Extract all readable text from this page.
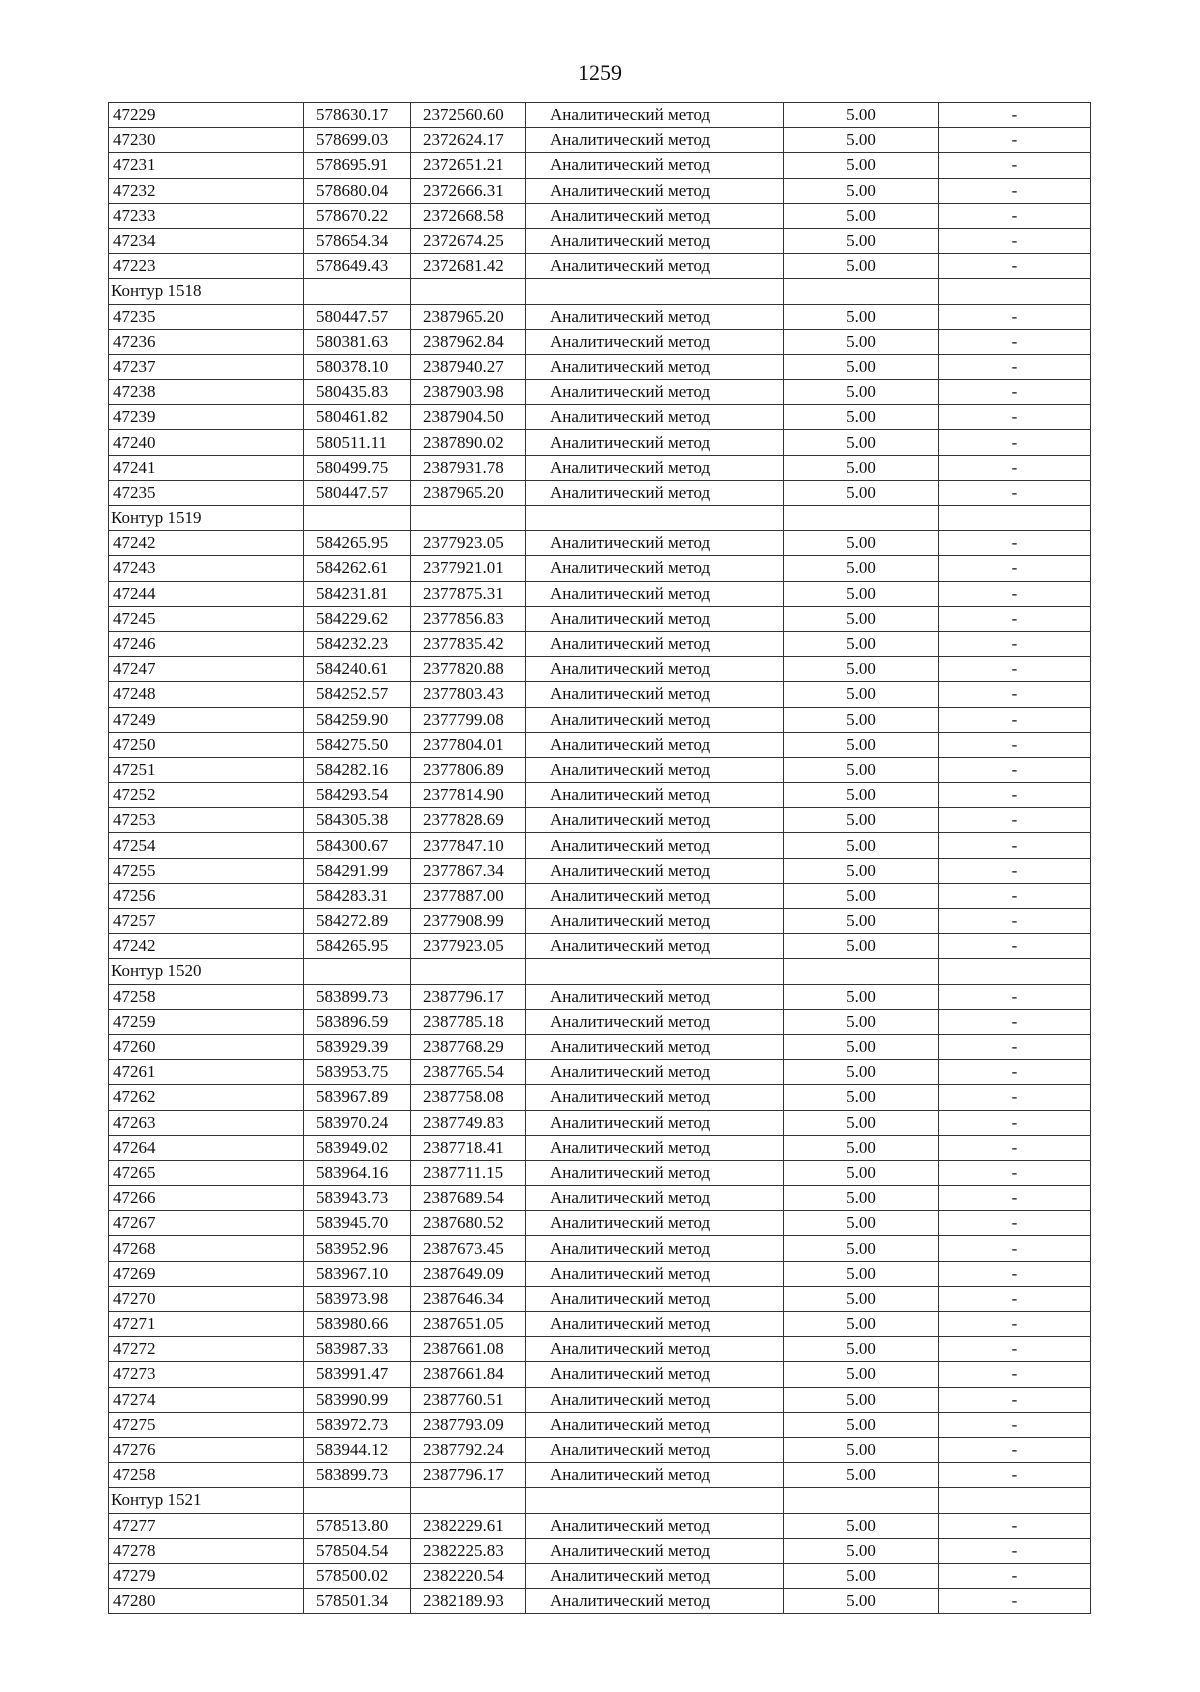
1259
47229	578630.17	2372560.60	Аналитический метод	5.00	-
47230	578699.03	2372624.17	Аналитический метод	5.00	-
47231	578695.91	2372651.21	Аналитический метод	5.00	-
47232	578680.04	2372666.31	Аналитический метод	5.00	-
47233	578670.22	2372668.58	Аналитический метод	5.00	-
47234	578654.34	2372674.25	Аналитический метод	5.00	-
47223	578649.43	2372681.42	Аналитический метод	5.00	-
Контур 1518					
47235	580447.57	2387965.20	Аналитический метод	5.00	-
47236	580381.63	2387962.84	Аналитический метод	5.00	-
47237	580378.10	2387940.27	Аналитический метод	5.00	-
47238	580435.83	2387903.98	Аналитический метод	5.00	-
47239	580461.82	2387904.50	Аналитический метод	5.00	-
47240	580511.11	2387890.02	Аналитический метод	5.00	-
47241	580499.75	2387931.78	Аналитический метод	5.00	-
47235	580447.57	2387965.20	Аналитический метод	5.00	-
Контур 1519					
47242	584265.95	2377923.05	Аналитический метод	5.00	-
47243	584262.61	2377921.01	Аналитический метод	5.00	-
47244	584231.81	2377875.31	Аналитический метод	5.00	-
47245	584229.62	2377856.83	Аналитический метод	5.00	-
47246	584232.23	2377835.42	Аналитический метод	5.00	-
47247	584240.61	2377820.88	Аналитический метод	5.00	-
47248	584252.57	2377803.43	Аналитический метод	5.00	-
47249	584259.90	2377799.08	Аналитический метод	5.00	-
47250	584275.50	2377804.01	Аналитический метод	5.00	-
47251	584282.16	2377806.89	Аналитический метод	5.00	-
47252	584293.54	2377814.90	Аналитический метод	5.00	-
47253	584305.38	2377828.69	Аналитический метод	5.00	-
47254	584300.67	2377847.10	Аналитический метод	5.00	-
47255	584291.99	2377867.34	Аналитический метод	5.00	-
47256	584283.31	2377887.00	Аналитический метод	5.00	-
47257	584272.89	2377908.99	Аналитический метод	5.00	-
47242	584265.95	2377923.05	Аналитический метод	5.00	-
Контур 1520					
47258	583899.73	2387796.17	Аналитический метод	5.00	-
47259	583896.59	2387785.18	Аналитический метод	5.00	-
47260	583929.39	2387768.29	Аналитический метод	5.00	-
47261	583953.75	2387765.54	Аналитический метод	5.00	-
47262	583967.89	2387758.08	Аналитический метод	5.00	-
47263	583970.24	2387749.83	Аналитический метод	5.00	-
47264	583949.02	2387718.41	Аналитический метод	5.00	-
47265	583964.16	2387711.15	Аналитический метод	5.00	-
47266	583943.73	2387689.54	Аналитический метод	5.00	-
47267	583945.70	2387680.52	Аналитический метод	5.00	-
47268	583952.96	2387673.45	Аналитический метод	5.00	-
47269	583967.10	2387649.09	Аналитический метод	5.00	-
47270	583973.98	2387646.34	Аналитический метод	5.00	-
47271	583980.66	2387651.05	Аналитический метод	5.00	-
47272	583987.33	2387661.08	Аналитический метод	5.00	-
47273	583991.47	2387661.84	Аналитический метод	5.00	-
47274	583990.99	2387760.51	Аналитический метод	5.00	-
47275	583972.73	2387793.09	Аналитический метод	5.00	-
47276	583944.12	2387792.24	Аналитический метод	5.00	-
47258	583899.73	2387796.17	Аналитический метод	5.00	-
Контур 1521					
47277	578513.80	2382229.61	Аналитический метод	5.00	-
47278	578504.54	2382225.83	Аналитический метод	5.00	-
47279	578500.02	2382220.54	Аналитический метод	5.00	-
47280	578501.34	2382189.93	Аналитический метод	5.00	-
